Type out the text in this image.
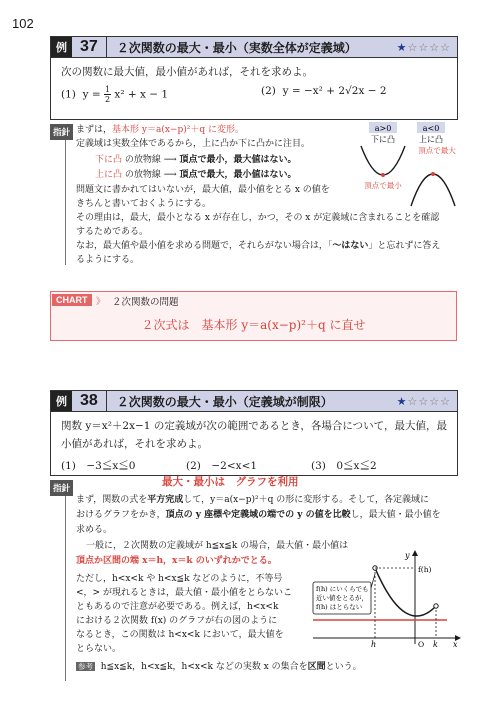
102
例 37	２次関数の最大・最小（実数全体が定義域）	★☆☆☆☆

次の関数に最大値，最小値があれば，それを求めよ。

(1) $y = \frac{1}{2} x^2 + x - 1$	(2) y = −x² + 2√2x − 2
指針 まずは，基本形 y＝a(x−p)²＋q に変形。
定義域は実数全体であるから，上に凸か下に凸かに注目。
下に凸 の放物線 ⟶ 頂点で最小，最大値はない。
上に凸 の放物線 ⟶ 頂点で最大，最小値はない。
問題文に書かれてはいないが，最大値，最小値をとる x の値を
きちんと書いておくようにする。
その理由は，最大，最小となる x が存在し，かつ，その x が定義域に含まれることを確認
するためである。
なお，最大値や最小値を求める問題で，それらがない場合は，「～はない」と忘れずに答え
るようにする。
a>0
下に凸
a<0
上に凸
頂点で最小
頂点で最大
CHART 》 ２次関数の問題
２次式は　基本形 y＝a(x−p)²＋q に直せ
例 38	２次関数の最大・最小（定義域が制限）	★☆☆☆☆

関数 y＝x²＋2x−1 の定義域が次の範囲であるとき，各場合について，最大値，最

小値があれば，それを求めよ。

(1)　−3≦x≦0	(2)　−2<x<1	(3)　0≦x≦2
指針	最大・最小は　グラフを利用
まず，関数の式を平方完成して，y＝a(x−p)²＋q の形に変形する。そして，各定義域に
おけるグラフをかき，頂点の y 座標や定義域の端での y の値を比較し，最大値・最小値を
求める。
一般に，２次関数の定義域が h≦x≦k の場合，最大値・最小値は
頂点か区間の端 x＝h，x＝k のいずれかでとる。
ただし，h<x<k や h<x≦k などのように，不等号
<，> が現れるときは，最大値・最小値をとらないこ
ともあるので注意が必要である。例えば，h<x<k
における２次関数 f(x) のグラフが右の図のように
なるとき，この関数は h<x<k において，最大値を
とらない。
参考 h≦x≦k，h<x≦k，h<x<k などの実数 x の集合を区間という。
x
y
O
f(h)
h	k
f(h) にいくらでも
近い値をとるが，
f(h) はとらない
